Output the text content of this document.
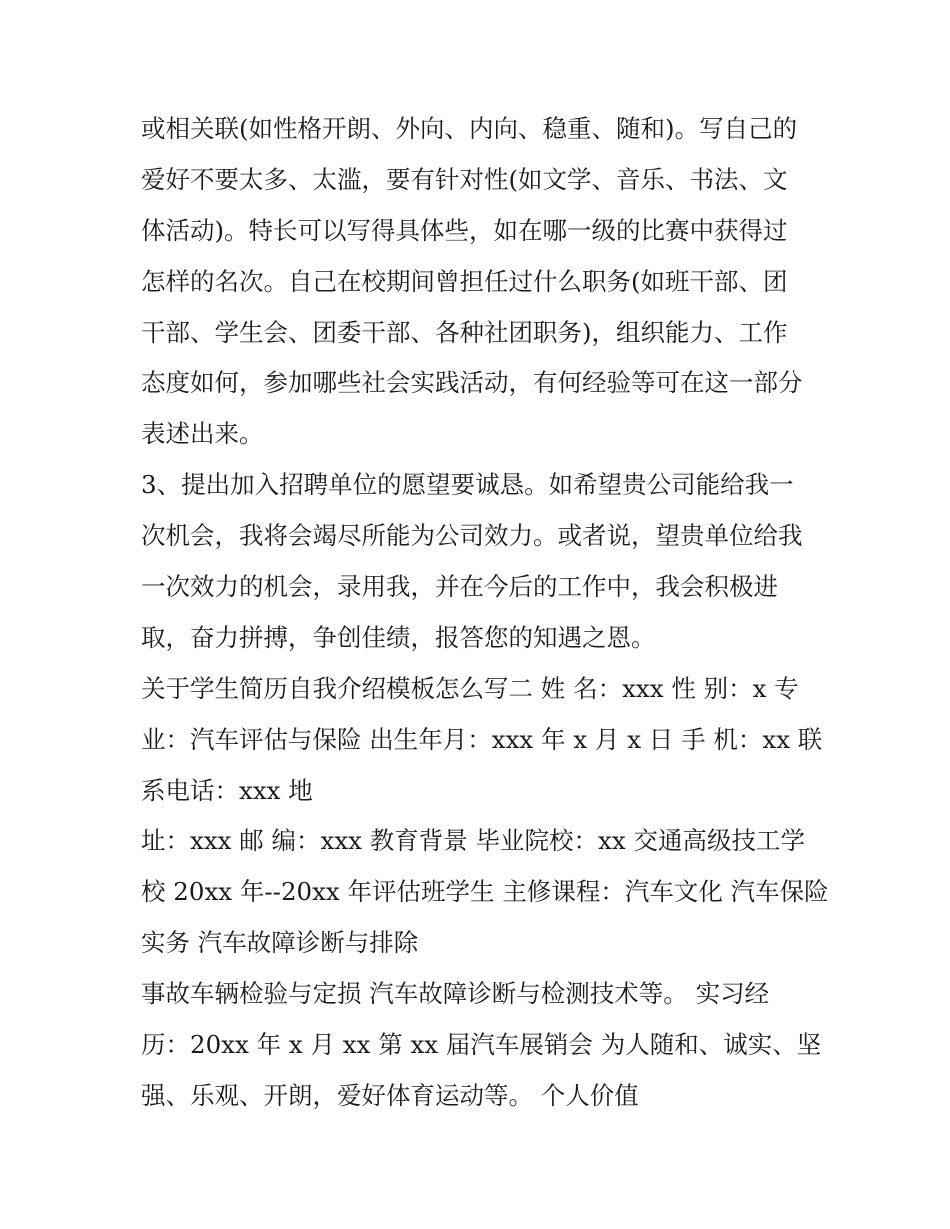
或相关联(如性格开朗、外向、内向、稳重、随和)。写自己的
爱好不要太多、太滥，要有针对性(如文学、音乐、书法、文
体活动)。特长可以写得具体些，如在哪一级的比赛中获得过
怎样的名次。自己在校期间曾担任过什么职务(如班干部、团
干部、学生会、团委干部、各种社团职务)，组织能力、工作
态度如何，参加哪些社会实践活动，有何经验等可在这一部分
表述出来。
3、提出加入招聘单位的愿望要诚恳。如希望贵公司能给我一
次机会，我将会竭尽所能为公司效力。或者说，望贵单位给我
一次效力的机会，录用我，并在今后的工作中，我会积极进
取，奋力拼搏，争创佳绩，报答您的知遇之恩。
关于学生简历自我介绍模板怎么写二 姓 名：xxx 性 别：x 专
业：汽车评估与保险 出生年月：xxx 年 x 月 x 日 手 机：xx 联
系电话：xxx 地
址：xxx 邮 编：xxx 教育背景 毕业院校：xx 交通高级技工学
校 20xx 年--20xx 年评估班学生 主修课程：汽车文化 汽车保险
实务 汽车故障诊断与排除
事故车辆检验与定损 汽车故障诊断与检测技术等。 实习经
历：20xx 年 x 月 xx 第 xx 届汽车展销会 为人随和、诚实、坚
强、乐观、开朗，爱好体育运动等。 个人价值
